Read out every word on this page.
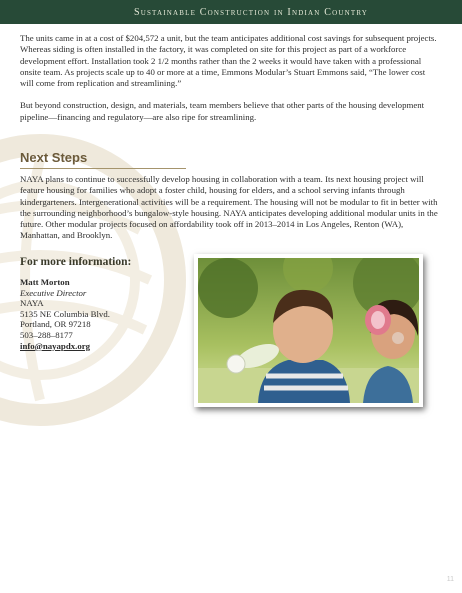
Sustainable Construction in Indian Country

The units came in at a cost of $204,572 a unit, but the team anticipates additional cost savings for subsequent projects. Whereas siding is often installed in the factory, it was completed on site for this project as part of a workforce development effort. Installation took 2 1/2 months rather than the 2 weeks it would have taken with a professional onsite team. As projects scale up to 40 or more at a time, Emmons Modular’s Stuart Emmons said, “The lower cost will come from replication and streamlining.”

But beyond construction, design, and materials, team members believe that other parts of the housing development pipeline—financing and regulatory—are also ripe for streamlining.

Next Steps

NAYA plans to continue to successfully develop housing in collaboration with a team. Its next housing project will feature housing for families who adopt a foster child, housing for elders, and a school serving infants through kindergarteners. Intergenerational activities will be a requirement. The housing will not be modular to fit in better with the surrounding neighborhood’s bungalow-style housing. NAYA anticipates developing additional modular units in the future. Other modular projects focused on affordability took off in 2013–2014 in Los Angeles, Renton (WA), Manhattan, and Brooklyn.

For more information:
Matt Morton
Executive Director
NAYA
5135 NE Columbia Blvd.
Portland, OR 97218
503–288–8177
info@nayapdx.org
11
